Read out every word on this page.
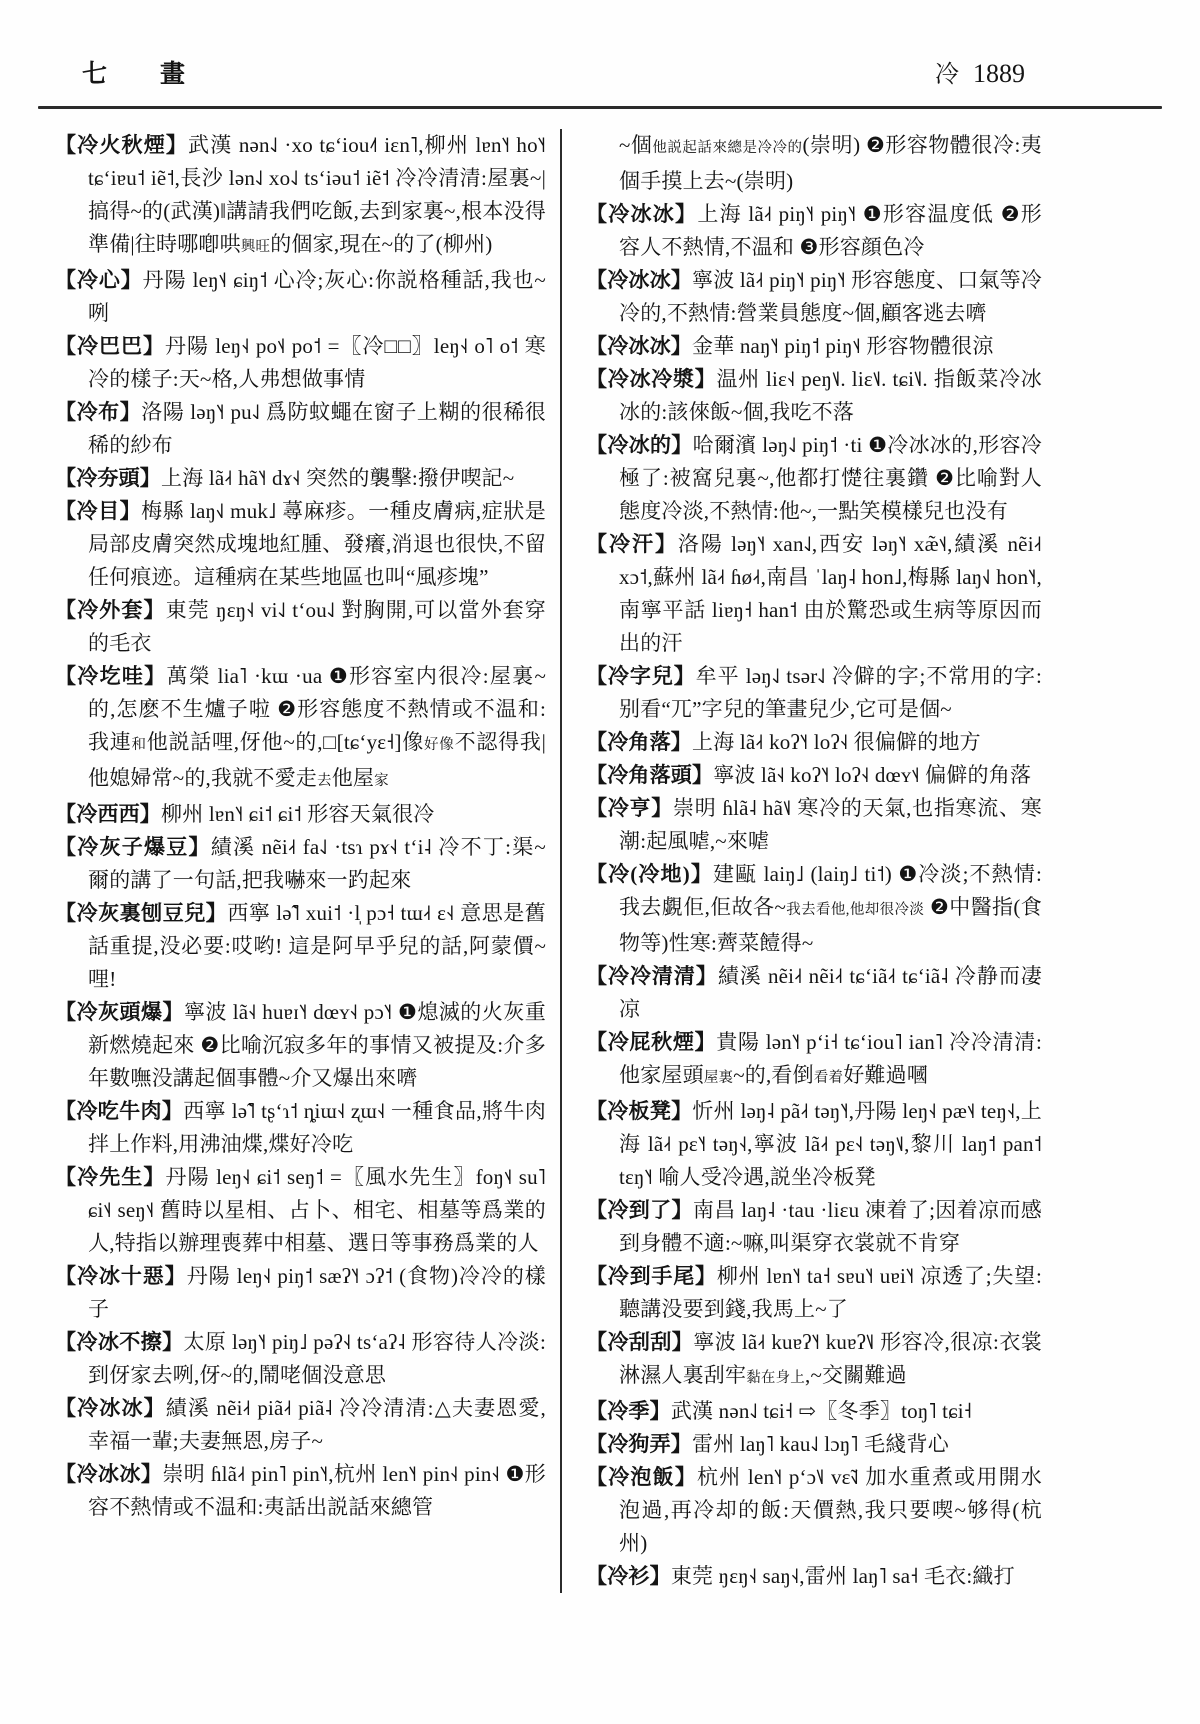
七　畫	冷 1889

【冷火秋煙】武漢 nən˨˩ ·xo tɕʻiou˨˦ iɛn˥,柳州 lɐn˥˧ ho˥˧ tɕʻiɐu˦ iẽ˦,長沙 lən˨˩ xo˨˩ tsʻiəu˦ iẽ˦ 冷冷清清:屋裏~|搞得~的(武漢)‖講請我們吃飯,去到家裏~,根本没得準備|往時哪喞哄興旺的個家,現在~的了(柳州)

【冷心】丹陽 leŋ˦˨ ɕiŋ˦ 心冷;灰心:你説格種話,我也~咧

【冷巴巴】丹陽 leŋ˧˨ po˦˨ po˦ =〖冷□□〗leŋ˧˨ o˥ o˦ 寒冷的樣子:天~格,人弗想做事情

【冷布】洛陽 ləŋ˥˧ pu˨˩ 爲防蚊蠅在窗子上糊的很稀很稀的紗布

【冷夯頭】上海 lã˨˧ hã˥˧ dɤ˧˨ 突然的襲擊:撥伊喫記~

【冷目】梅縣 laŋ˧˩ muk˩ 蕁麻疹。一種皮膚病,症狀是局部皮膚突然成塊地紅腫、發癢,消退也很快,不留任何痕迹。這種病在某些地區也叫“風疹塊”

【冷外套】東莞 ŋɛŋ˧˨ vi˨˩ tʻou˨˩ 對胸開,可以當外套穿的毛衣

【冷圪哇】萬榮 lia˥ ·kɯ ·ua ❶形容室内很冷:屋裏~的,怎麽不生爐子啦 ❷形容態度不熱情或不温和:我連和他説話哩,伢他~的,□[tɕʻyɛ˧]像好像不認得我|他媳婦常~的,我就不愛走去他屋家

【冷西西】柳州 lɐn˥˧ ɕi˦ ɕi˦ 形容天氣很冷

【冷灰子爆豆】績溪 nẽi˨˧ fa˨˩ ·tsɿ pɤ˧˨ tʻi˨ 冷不丁:渠~爾的講了一句話,把我嚇來一趵起來

【冷灰裏刨豆兒】西寧 lə̃˥ xui˦ ·l̩ pɔ˧ tɯ˨˧ ɛ˧˨ 意思是舊話重提,没必要:哎哟! 這是阿早乎兒的話,阿蒙價~哩!

【冷灰頭爆】寧波 lã˧˨ huɐɪ˥˧ dœʏ˧˨ pɔ˥˧ ❶熄滅的火灰重新燃燒起來 ❷比喻沉寂多年的事情又被提及:介多年數嘸没講起個事體~介又爆出來嚌

【冷吃牛肉】西寧 lə̃˥ tʂʻɿ˦ ȵiɯ˧˨ ʐɯ˧˨ 一種食品,將牛肉拌上作料,用沸油煠,煠好冷吃

【冷先生】丹陽 leŋ˧˨ ɕi˦ seŋ˦ =〖風水先生〗foŋ˦˨ su˥ ɕi˦˨ seŋ˦˨ 舊時以星相、占卜、相宅、相墓等爲業的人,特指以辦理喪葬中相墓、選日等事務爲業的人

【冷冰十惡】丹陽 leŋ˧˨ piŋ˦ sæʔ˥˧ ɔʔ˦ (食物)冷冷的樣子

【冷冰不擦】太原 ləŋ˥˧ piŋ˩ pəʔ˧˨ tsʻaʔ˨ 形容待人冷淡:到伢家去咧,伢~的,鬧咾個没意思

【冷冰冰】績溪 nẽi˨˧ piã˨˧ piã˨ 冷冷清清:△夫妻恩愛,幸福一輩;夫妻無恩,房子~

【冷冰冰】崇明 ɦlã˨˧ pin˥ pin˥˧,杭州 len˥˧ pin˧˨ pin˧˨ ❶形容不熱情或不温和:夷話出説話來總管

~個他説起話來總是冷冷的(崇明) ❷形容物體很冷:夷個手摸上去~(崇明)

【冷冰冰】上海 lã˨˧ piŋ˥˧ piŋ˥˧ ❶形容温度低 ❷形容人不熱情,不温和 ❸形容顔色冷

【冷冰冰】寧波 lã˨˧ piŋ˥˧ piŋ˥˧ 形容態度、口氣等冷冷的,不熱情:營業員態度~個,顧客逃去嚌

【冷冰冰】金華 naŋ˥˧ piŋ˦ piŋ˦˨ 形容物體很涼

【冷冰冷漿】温州 liɛ˧˨ peŋ˦˩. liɛ˦˩. tɕi˥˩. 指飯菜冷冰冰的:該倈飯~個,我吃不落

【冷冰的】哈爾濱 ləŋ˨˩ piŋ˦ ·ti ❶冷冰冰的,形容冷極了:被窩兒裏~,他都打憷往裏鑽 ❷比喻對人態度冷淡,不熱情:他~,一點笑模樣兒也没有

【冷汗】洛陽 ləŋ˥˧ xan˨˩,西安 ləŋ˥˧ xæ̃˦˨,績溪 nẽi˨˧ xɔ˦,蘇州 lã˨˧ ɦø˨˧,南昌 ˈlaŋ˨ hon˩,梅縣 laŋ˧˩ hon˥˧,南寧平話 liɐŋ˧ han˦ 由於驚恐或生病等原因而出的汗

【冷字兒】牟平 ləŋ˨˩ tsər˨˩ 冷僻的字;不常用的字:别看“兀”字兒的筆畫兒少,它可是個~

【冷角落】上海 lã˨˧ koʔ˥˧ loʔ˧˨ 很偏僻的地方

【冷角落頭】寧波 lã˧˨ koʔ˥˧ loʔ˧˨ dœʏ˦˨ 偏僻的角落

【冷亨】崇明 ɦlã˨ hã˦˩ 寒冷的天氣,也指寒流、寒潮:起風㖸,~來㖸

【冷(冷地)】建甌 laiŋ˩ (laiŋ˩ ti˦) ❶冷淡;不熱情:我去覷佢,佢故各~我去看他,他却很冷淡 ❷中醫指(食物等)性寒:薺菜饐得~

【冷冷清清】績溪 nẽi˨˧ nẽi˨˧ tɕʻiã˨˧ tɕʻiã˨ 冷静而凄凉

【冷屁秋煙】貴陽 lən˥˧ pʻi˧ tɕʻiou˥ ian˥ 冷冷清清:他家屋頭屋裏~的,看倒看着好難過嘓

【冷板凳】忻州 ləŋ˨ pã˨˧ təŋ˥˧,丹陽 leŋ˧˨ pæ˦˨ teŋ˧˨,上海 lã˨˧ pɛ˥˧ təŋ˧˨,寧波 lã˨˧ pɛ˧˨ təŋ˦˩,黎川 laŋ˦ pan˦ tɛŋ˥˧ 喻人受冷遇,説坐冷板凳

【冷到了】南昌 laŋ˨ ·tau ·liɛu 凍着了;因着凉而感到身體不適:~嘛,叫渠穿衣裳就不肯穿

【冷到手尾】柳州 lɐn˥˧ ta˧ sɐu˥˧ uɐi˥˧ 凉透了;失望:聽講没要到錢,我馬上~了

【冷刮刮】寧波 lã˨˧ kuɐʔ˥˧ kuɐʔ˥˩ 形容冷,很凉:衣裳淋濕人裏刮牢黏在身上,~交關難過

【冷季】武漢 nən˨˩ tɕi˧ ⇨〖冬季〗toŋ˥ tɕi˧

【冷狗弄】雷州 laŋ˥ kau˨˩ lɔŋ˥ 毛綫背心

【冷泡飯】杭州 len˥˧ pʻɔ˥˩ vɛ̃˧˩ 加水重煮或用開水泡過,再冷却的飯:天價熱,我只要喫~够得(杭州)

【冷衫】東莞 ŋɛŋ˧˨ saŋ˧˨,雷州 laŋ˥ sa˧ 毛衣:織打
